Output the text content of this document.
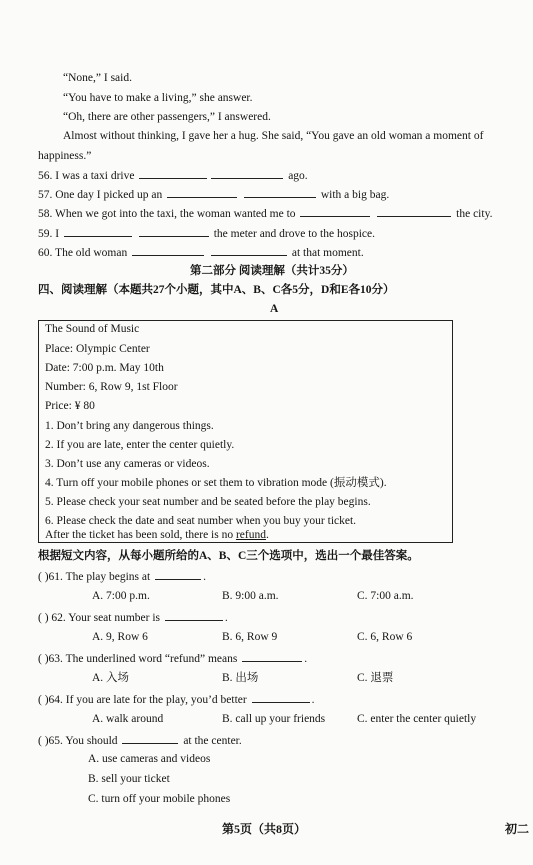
“None,” I said.
“You have to make a living,” she answer.
“Oh, there are other passengers,” I answered.
Almost without thinking, I gave her a hug. She said, “You gave an old woman a moment of
happiness.”
56. I was a taxi drive	ago.
57. One day I picked up an	with a big bag.
58. When we got into the taxi, the woman wanted me to	the city.
59. I	the meter and drove to the hospice.
60. The old woman	at that moment.
第二部分 阅读理解（共计35分）
四、阅读理解（本题共27个小题，其中A、B、C各5分，D和E各10分）
A
The Sound of Music
Place: Olympic Center
Date: 7:00 p.m. May 10th
Number: 6, Row 9, 1st Floor
Price: ¥ 80
1. Don’t bring any dangerous things.
2. If you are late, enter the center quietly.
3. Don’t use any cameras or videos.
4. Turn off your mobile phones or set them to vibration mode (振动模式).
5. Please check your seat number and be seated before the play begins.
6. Please check the date and seat number when you buy your ticket.
After the ticket has been sold, there is no refund.
根据短文内容，从每小题所给的A、B、C三个选项中，选出一个最佳答案。
( )61. The play begins at	.
A. 7:00 p.m.	B. 9:00 a.m.	C. 7:00 a.m.
( ) 62. Your seat number is	.
A. 9, Row 6	B. 6, Row 9	C. 6, Row 6
( )63. The underlined word “refund” means	.
A. 入场	B. 出场	C. 退票
( )64. If you are late for the play, you’d better	.
A. walk around	B. call up your friends	C. enter the center quietly
( )65. You should	at the center.
A. use cameras and videos
B. sell your ticket
C. turn off your mobile phones
第5页（共8页）	初二
